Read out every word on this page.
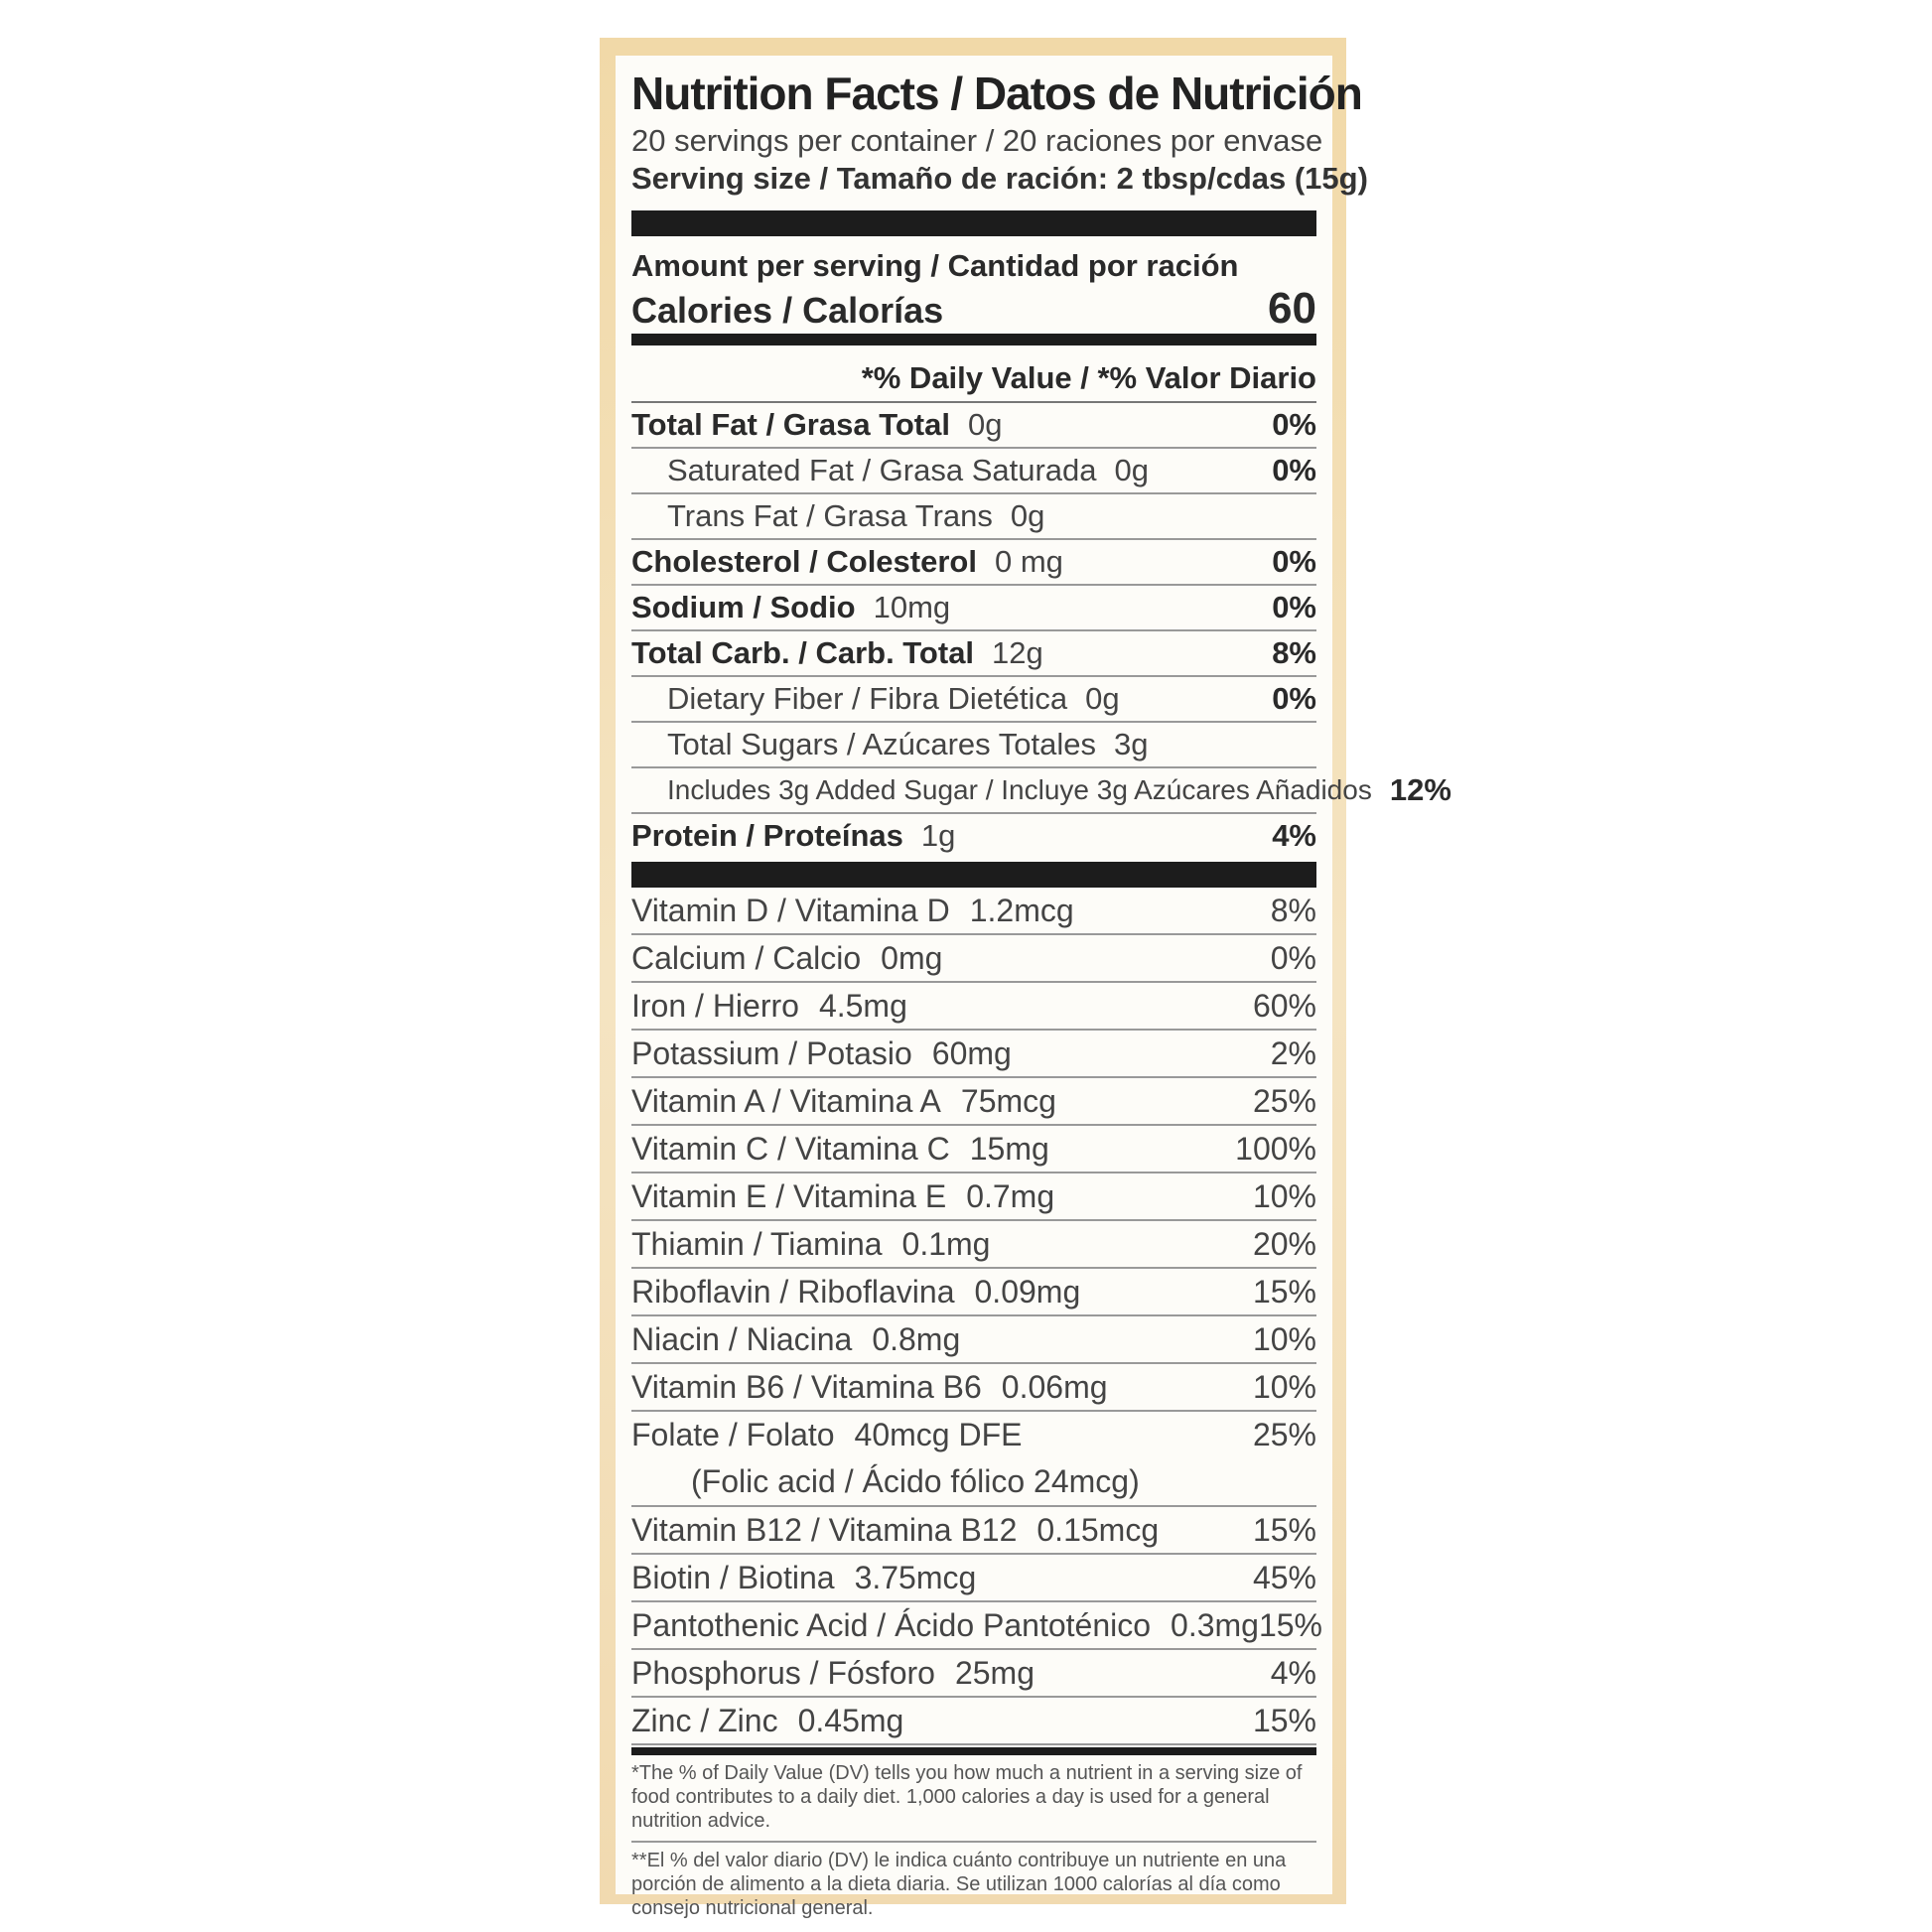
Nutrition Facts / Datos de Nutrición
20 servings per container / 20 raciones por envase
Serving size / Tamaño de ración: 2 tbsp/cdas (15g)
Amount per serving / Cantidad por ración
Calories / Calorías	60
*% Daily Value / *% Valor Diario
Total Fat / Grasa Total 0g	0%
Saturated Fat / Grasa Saturada 0g	0%
Trans Fat / Grasa Trans 0g
Cholesterol / Colesterol 0 mg	0%
Sodium / Sodio 10mg	0%
Total Carb. / Carb. Total 12g	8%
Dietary Fiber / Fibra Dietética 0g	0%
Total Sugars / Azúcares Totales 3g
Includes 3g Added Sugar / Incluye 3g Azúcares Añadidos 12%
Protein / Proteínas 1g	4%
Vitamin D / Vitamina D 1.2mcg	8%
Calcium / Calcio 0mg	0%
Iron / Hierro 4.5mg	60%
Potassium / Potasio 60mg	2%
Vitamin A / Vitamina A 75mcg	25%
Vitamin C / Vitamina C 15mg	100%
Vitamin E / Vitamina E 0.7mg	10%
Thiamin / Tiamina 0.1mg	20%
Riboflavin / Riboflavina 0.09mg	15%
Niacin / Niacina 0.8mg	10%
Vitamin B6 / Vitamina B6 0.06mg	10%
Folate / Folato 40mcg DFE	25%
(Folic acid / Ácido fólico 24mcg)
Vitamin B12 / Vitamina B12 0.15mcg	15%
Biotin / Biotina 3.75mcg	45%
Pantothenic Acid / Ácido Pantoténico 0.3mg 15%
Phosphorus / Fósforo 25mg	4%
Zinc / Zinc 0.45mg	15%

*The % of Daily Value (DV) tells you how much a nutrient in a serving size of food contributes to a daily diet. 1,000 calories a day is used for a general nutrition advice.

**El % del valor diario (DV) le indica cuánto contribuye un nutriente en una porción de alimento a la dieta diaria. Se utilizan 1000 calorías al día como consejo nutricional general.
